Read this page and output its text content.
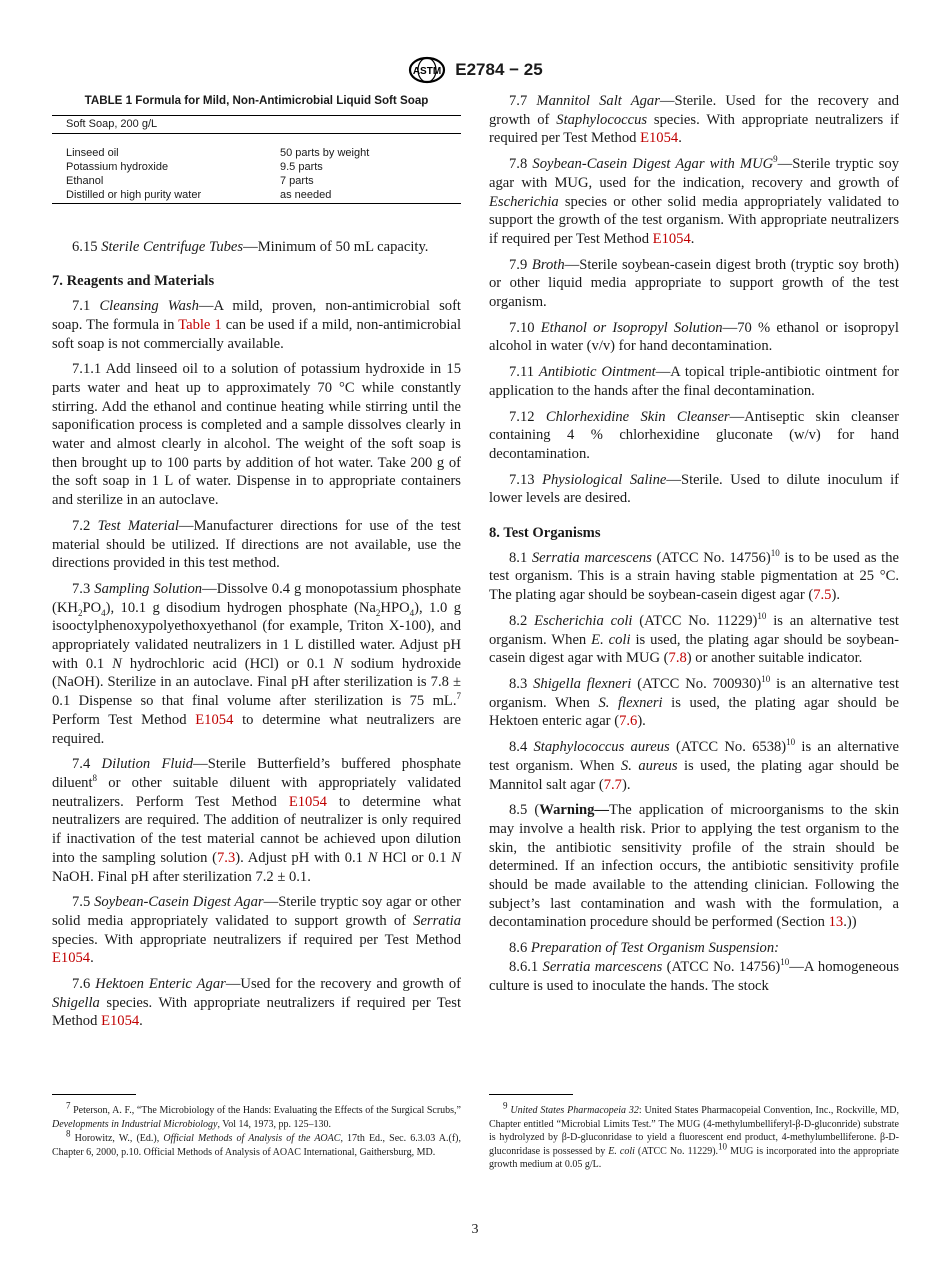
ASTM E2784 − 25
TABLE 1 Formula for Mild, Non-Antimicrobial Liquid Soft Soap
Soft Soap, 200 g/L
Linseed oil	50 parts by weight
Potassium hydroxide	9.5 parts
Ethanol	7 parts
Distilled or high purity water	as needed

6.15 Sterile Centrifuge Tubes—Minimum of 50 mL capacity.

7. Reagents and Materials

7.1 Cleansing Wash—A mild, proven, non-antimicrobial soft soap. The formula in Table 1 can be used if a mild, non-antimicrobial soft soap is not commercially available.

7.1.1 Add linseed oil to a solution of potassium hydroxide in 15 parts water and heat up to approximately 70 °C while constantly stirring. Add the ethanol and continue heating while stirring until the saponification process is completed and a sample dissolves clearly in water and almost clearly in alcohol. The weight of the soft soap is then brought up to 100 parts by addition of hot water. Take 200 g of the soft soap in 1 L of water. Dispense in to appropriate containers and sterilize in an autoclave.

7.2 Test Material—Manufacturer directions for use of the test material should be utilized. If directions are not available, use the directions provided in this test method.

7.3 Sampling Solution—Dissolve 0.4 g monopotassium phosphate $(KH_2PO_4)$, 10.1 g disodium hydrogen phosphate $(Na_2HPO_4)$, 1.0 g isooctylphenoxypolyethoxyethanol (for example, Triton X-100), and appropriately validated neutralizers in 1 L distilled water. Adjust pH with 0.1 N hydrochloric acid (HCl) or 0.1 N sodium hydroxide (NaOH). Sterilize in an autoclave. Final pH after sterilization is 7.8 ± 0.1 Dispense so that final volume after sterilization is 75 mL.$^7$ Perform Test Method E1054 to determine what neutralizers are required.

7.4 Dilution Fluid—Sterile Butterfield’s buffered phosphate diluent$^8$ or other suitable diluent with appropriately validated neutralizers. Perform Test Method E1054 to determine what neutralizers are required. The addition of neutralizer is only required if inactivation of the test material cannot be achieved upon dilution into the sampling solution (7.3). Adjust pH with 0.1 N HCl or 0.1 N NaOH. Final pH after sterilization 7.2 ± 0.1.

7.5 Soybean-Casein Digest Agar—Sterile tryptic soy agar or other solid media appropriately validated to support growth of Serratia species. With appropriate neutralizers if required per Test Method E1054.

7.6 Hektoen Enteric Agar—Used for the recovery and growth of Shigella species. With appropriate neutralizers if required per Test Method E1054.

7.7 Mannitol Salt Agar—Sterile. Used for the recovery and growth of Staphylococcus species. With appropriate neutralizers if required per Test Method E1054.

7.8 Soybean-Casein Digest Agar with MUG$^9$—Sterile tryptic soy agar with MUG, used for the indication, recovery and growth of Escherichia species or other solid media appropriately validated to support the growth of the test organism. With appropriate neutralizers if required per Test Method E1054.

7.9 Broth—Sterile soybean-casein digest broth (tryptic soy broth) or other liquid media appropriate to support growth of the test organism.

7.10 Ethanol or Isopropyl Solution—70 % ethanol or isopropyl alcohol in water (v/v) for hand decontamination.

7.11 Antibiotic Ointment—A topical triple-antibiotic ointment for application to the hands after the final decontamination.

7.12 Chlorhexidine Skin Cleanser—Antiseptic skin cleanser containing 4 % chlorhexidine gluconate (w/v) for hand decontamination.

7.13 Physiological Saline—Sterile. Used to dilute inoculum if lower levels are desired.

8. Test Organisms

8.1 Serratia marcescens (ATCC No. 14756)$^{10}$ is to be used as the test organism. This is a strain having stable pigmentation at 25 °C. The plating agar should be soybean-casein digest agar (7.5).

8.2 Escherichia coli (ATCC No. 11229)$^{10}$ is an alternative test organism. When E. coli is used, the plating agar should be soybean-casein digest agar with MUG (7.8) or another suitable indicator.

8.3 Shigella flexneri (ATCC No. 700930)$^{10}$ is an alternative test organism. When S. flexneri is used, the plating agar should be Hektoen enteric agar (7.6).

8.4 Staphylococcus aureus (ATCC No. 6538)$^{10}$ is an alternative test organism. When S. aureus is used, the plating agar should be Mannitol salt agar (7.7).

8.5 (Warning—The application of microorganisms to the skin may involve a health risk. Prior to applying the test organism to the skin, the antibiotic sensitivity profile of the strain should be determined. If an infection occurs, the antibiotic sensitivity profile should be made available to the attending clinician. Following the subject’s last contamination and wash with the formulation, a decontamination procedure should be performed (Section 13.))

8.6 Preparation of Test Organism Suspension:

8.6.1 Serratia marcescens (ATCC No. 14756)$^{10}$—A homogeneous culture is used to inoculate the hands. The stock

$^7$ Peterson, A. F., “The Microbiology of the Hands: Evaluating the Effects of the Surgical Scrubs,” Developments in Industrial Microbiology, Vol 14, 1973, pp. 125–130.

$^8$ Horowitz, W., (Ed.), Official Methods of Analysis of the AOAC, 17th Ed., Sec. 6.3.03 A.(f), Chapter 6, 2000, p.10. Official Methods of Analysis of AOAC International, Gaithersburg, MD.

$^9$ United States Pharmacopeia 32: United States Pharmacopeial Convention, Inc., Rockville, MD, Chapter entitled “Microbial Limits Test.” The MUG (4-methylumbelliferyl-β-D-gluconride) substrate is hydrolyzed by β-D-gluconridase to yield a fluorescent end product, 4-methylumbelliferone. β-D-gluconridase is possessed by E. coli (ATCC No. 11229).$^{10}$ MUG is incorporated into the appropriate growth medium at 0.05 g/L.

3
